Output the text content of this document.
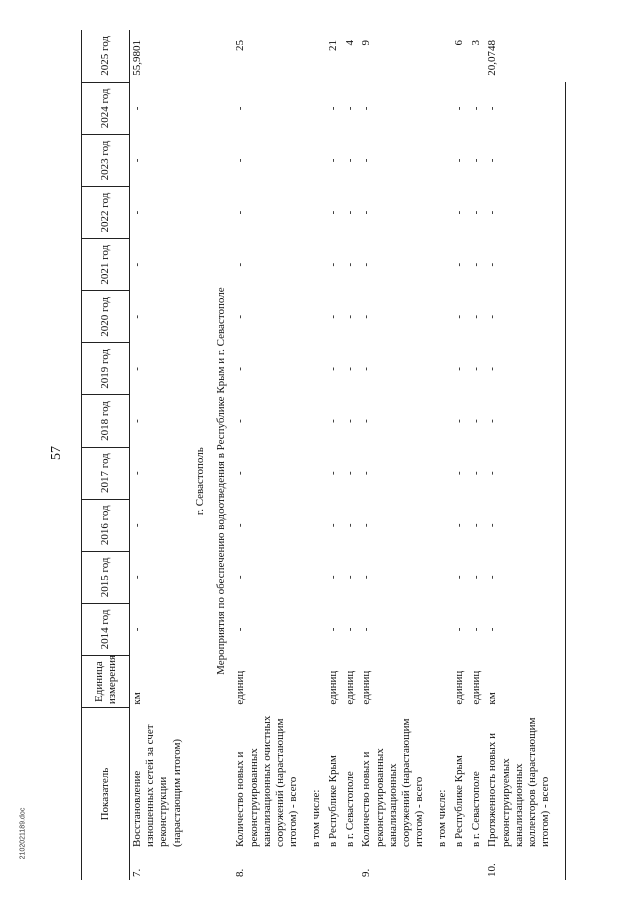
57
2102021189.doc
Показатель		Единица измерения	2014 год	2015 год	2016 год	2017 год	2018 год	2019 год	2020 год	2021 год	2022 год	2023 год	2024 год	2025 год
7.	Восстановление изношенных сетей за счет реконструкции (нарастающим итогом)	км	-	-	-	-	-	-	-	-	-	-	-	55,9801
г. Севастополь														
Мероприятия по обеспечению водоотведения в Республике Крым и г. Севастополе														
8.	Количество новых и реконструированных канализационных очистных сооружений (нарастающим итогом) - всего	единиц	-	-	-	-	-	-	-	-	-	-	-	25
	в том числе:													
	в Республике Крым	единиц	-	-	-	-	-	-	-	-	-	-	-	21
	в г. Севастополе	единиц	-	-	-	-	-	-	-	-	-	-	-	4
9.	Количество новых и реконструированных канализационных сооружений (нарастающим итогом) - всего	единиц	-	-	-	-	-	-	-	-	-	-	-	9
	в том числе:													
	в Республике Крым	единиц	-	-	-	-	-	-	-	-	-	-	-	6
	в г. Севастополе	единиц	-	-	-	-	-	-	-	-	-	-	-	3
10.	Протяженность новых и реконструируемых канализационных коллекторов (нарастающим итогом) - всего	км	-	-	-	-	-	-	-	-	-	-	-	20,0748
